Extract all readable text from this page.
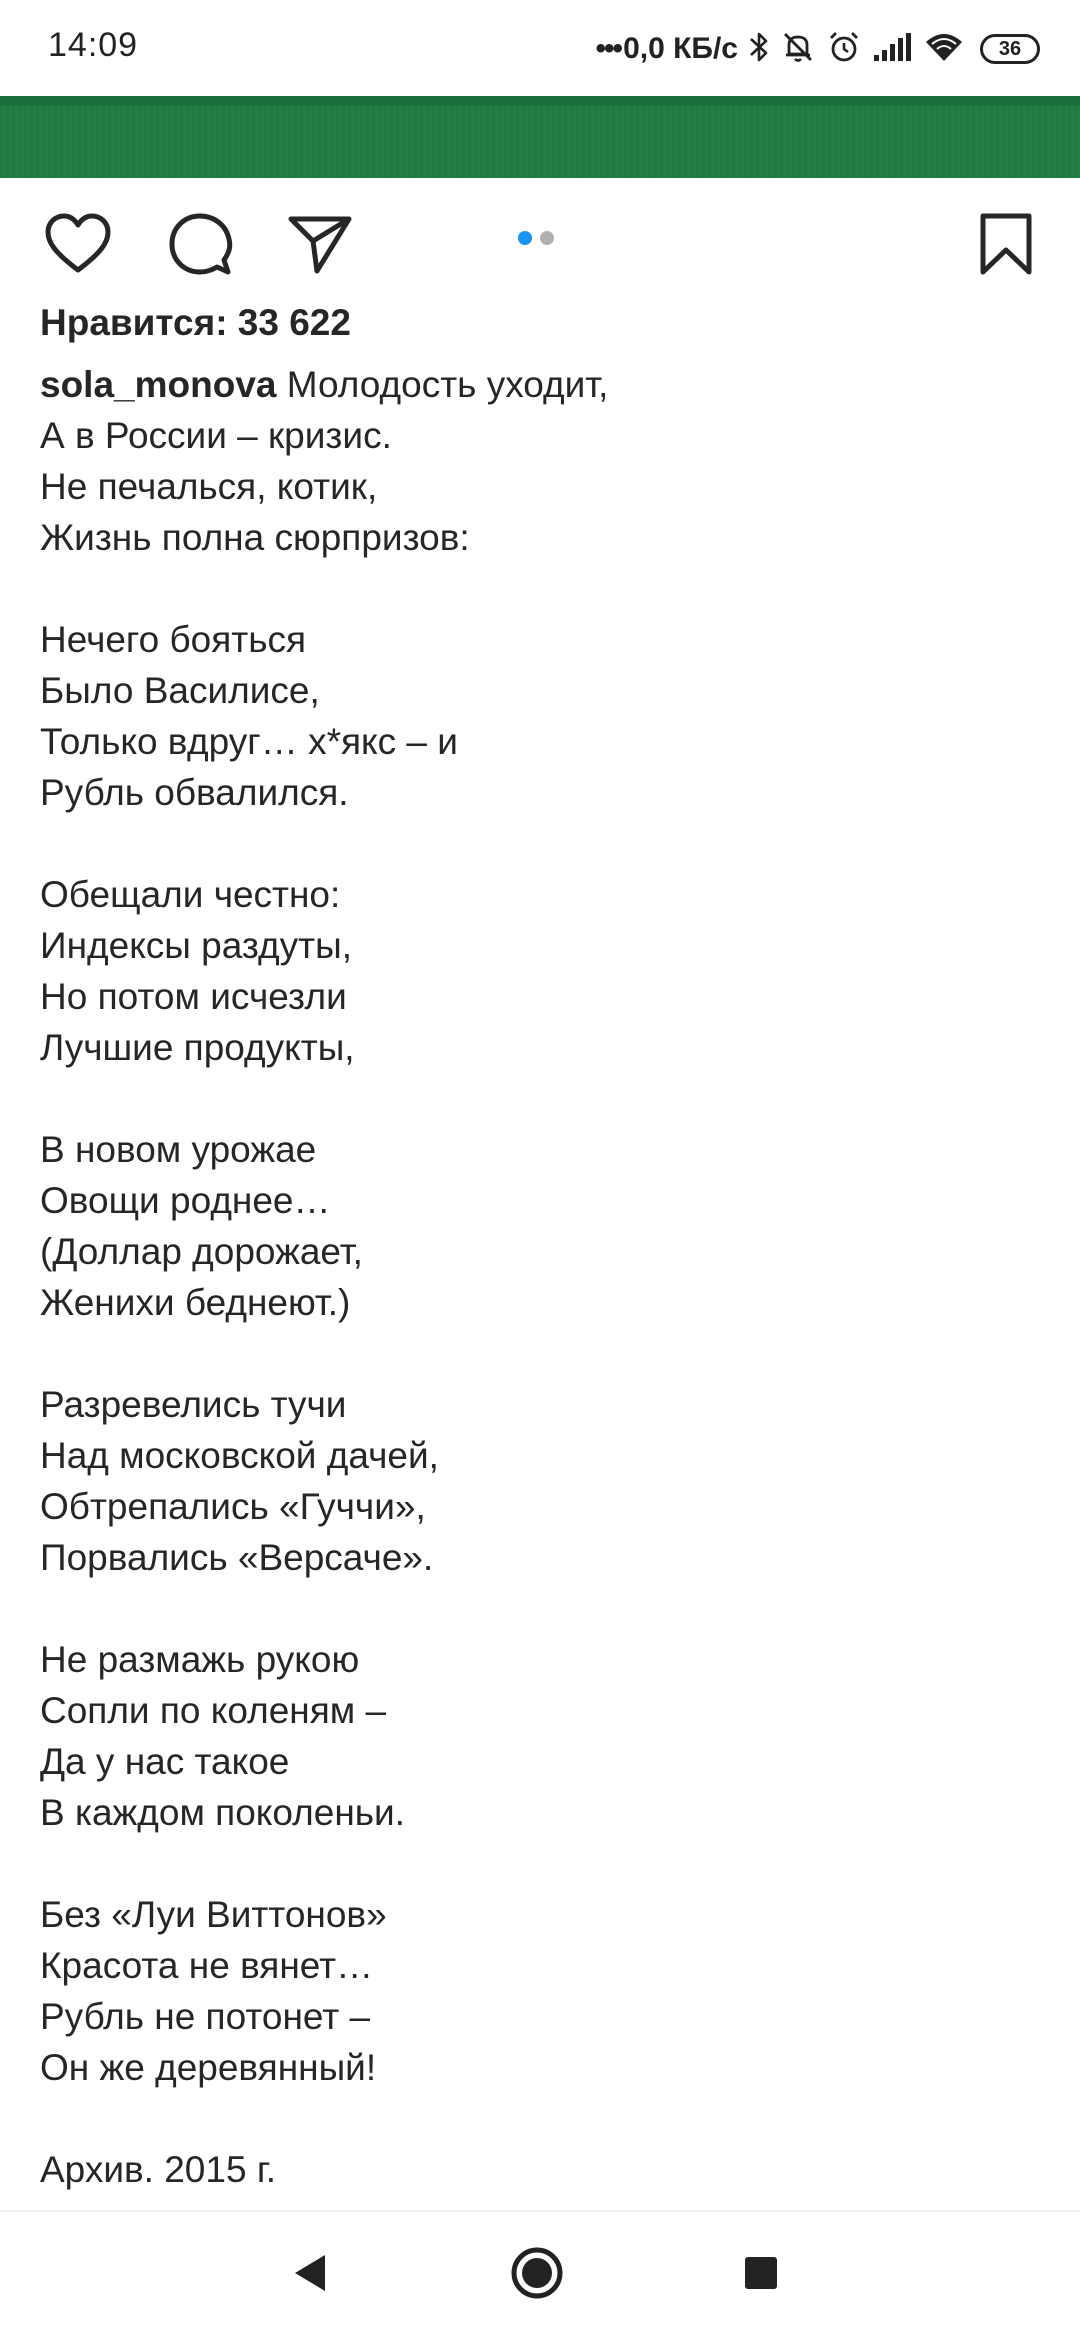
14:09	••• 0,0 КБ/с	36
Нравится: 33 622
sola_monova Молодость уходит,
А в России – кризис.
Не печалься, котик,
Жизнь полна сюрпризов:

Нечего бояться
Было Василисе,
Только вдруг… х*якс – и
Рубль обвалился.

Обещали честно:
Индексы раздуты,
Но потом исчезли
Лучшие продукты,

В новом урожае
Овощи роднее…
(Доллар дорожает,
Женихи беднеют.)

Разревелись тучи
Над московской дачей,
Обтрепались «Гуччи»,
Порвались «Версаче».

Не размажь рукою
Сопли по коленям –
Да у нас такое
В каждом поколеньи.

Без «Луи Виттонов»
Красота не вянет…
Рубль не потонет –
Он же деревянный!

Архив. 2015 г.
